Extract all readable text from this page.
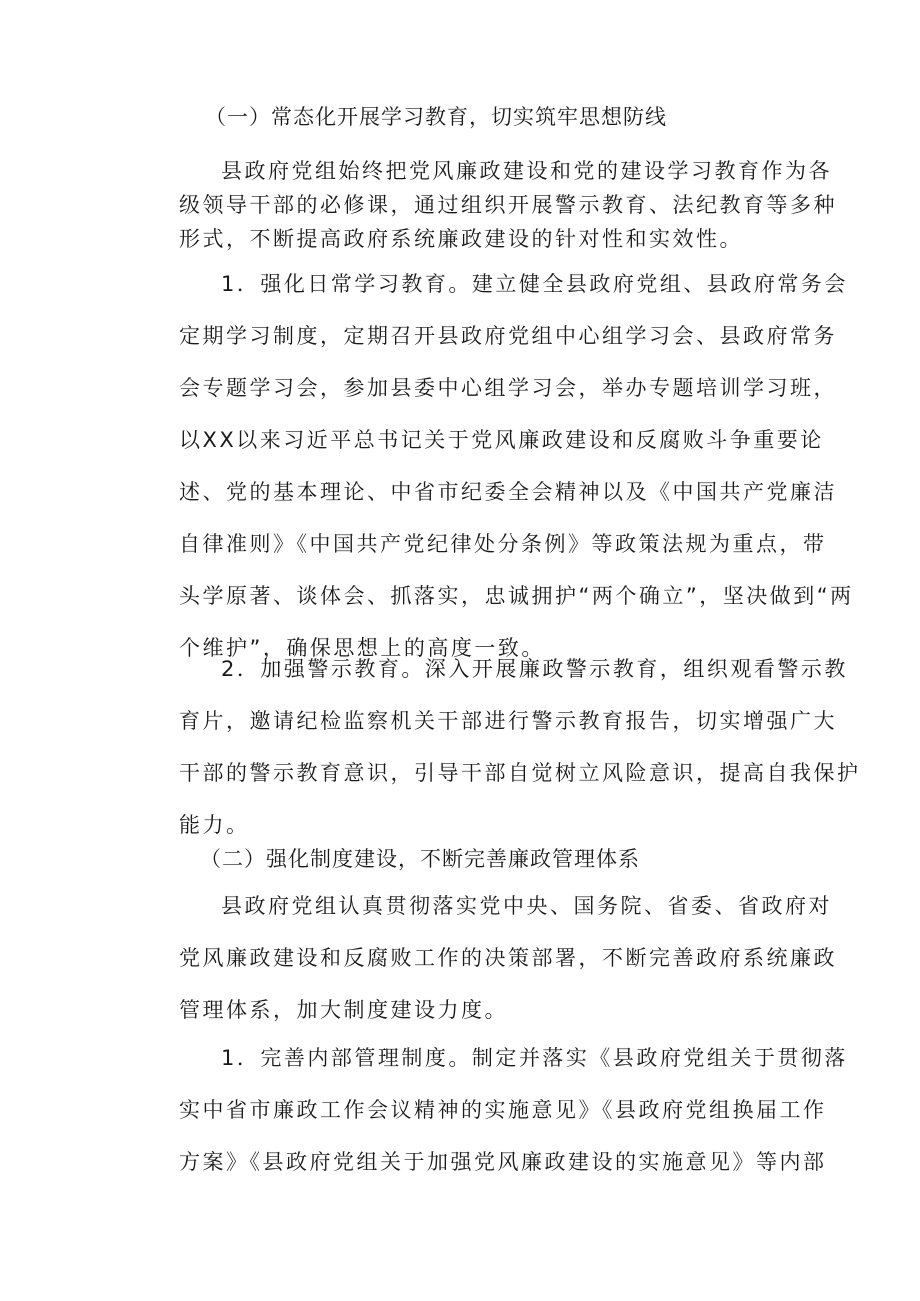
（一）常态化开展学习教育，切实筑牢思想防线
县政府党组始终把党风廉政建设和党的建设学习教育作为各
级领导干部的必修课，通过组织开展警示教育、法纪教育等多种
形式，不断提高政府系统廉政建设的针对性和实效性。
1．强化日常学习教育。建立健全县政府党组、县政府常务会
定期学习制度，定期召开县政府党组中心组学习会、县政府常务
会专题学习会，参加县委中心组学习会，举办专题培训学习班，
以XX以来习近平总书记关于党风廉政建设和反腐败斗争重要论
述、党的基本理论、中省市纪委全会精神以及《中国共产党廉洁
自律准则》《中国共产党纪律处分条例》等政策法规为重点，带
头学原著、谈体会、抓落实，忠诚拥护“两个确立”，坚决做到“两
个维护”，确保思想上的高度一致。
2．加强警示教育。深入开展廉政警示教育，组织观看警示教
育片，邀请纪检监察机关干部进行警示教育报告，切实增强广大
干部的警示教育意识，引导干部自觉树立风险意识，提高自我保护
能力。
（二）强化制度建设，不断完善廉政管理体系
县政府党组认真贯彻落实党中央、国务院、省委、省政府对
党风廉政建设和反腐败工作的决策部署，不断完善政府系统廉政
管理体系，加大制度建设力度。
1．完善内部管理制度。制定并落实《县政府党组关于贯彻落
实中省市廉政工作会议精神的实施意见》《县政府党组换届工作
方案》《县政府党组关于加强党风廉政建设的实施意见》等内部
